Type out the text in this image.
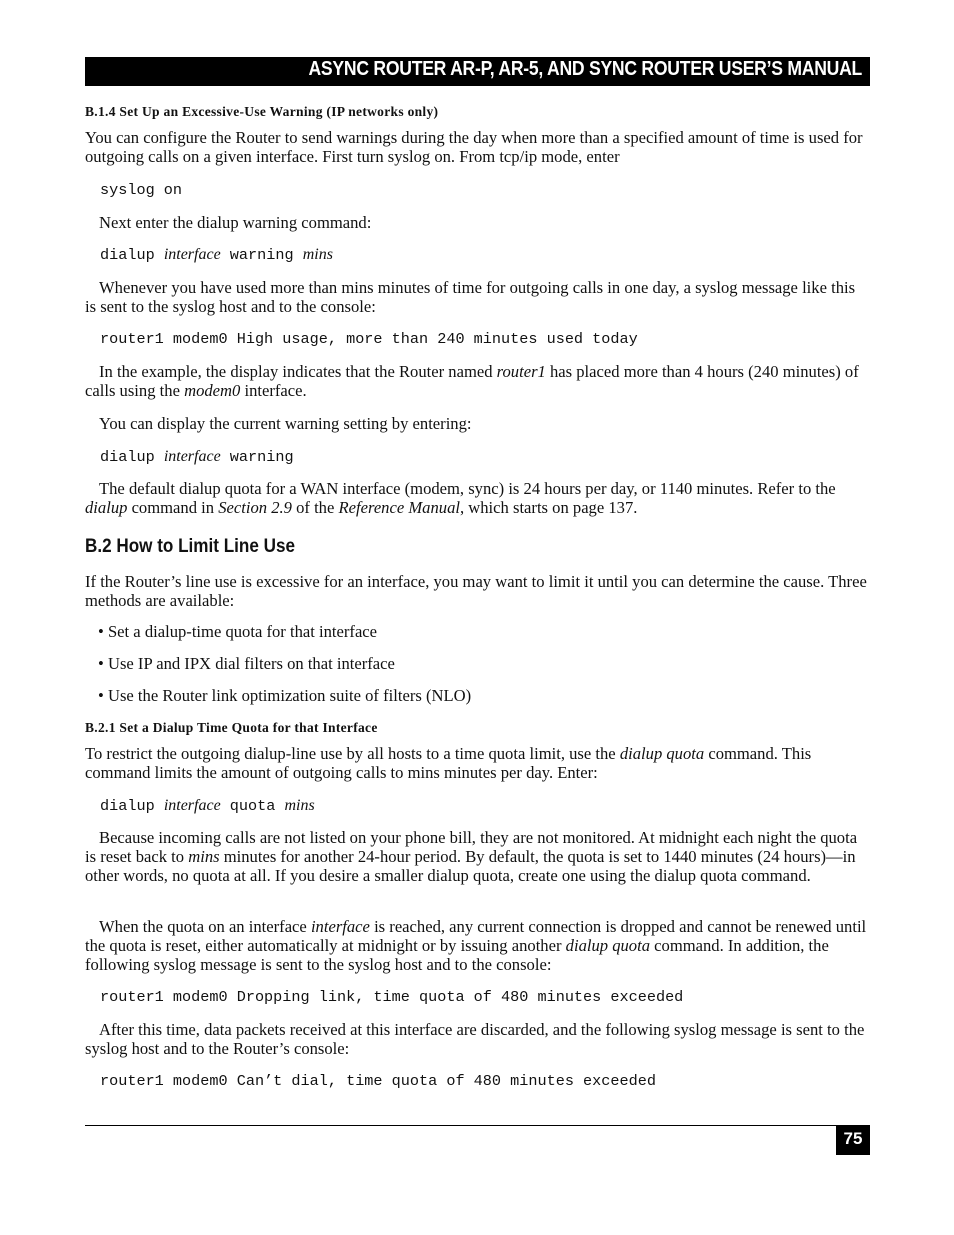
ASYNC ROUTER AR-P, AR-5, AND SYNC ROUTER USER’S MANUAL
B.1.4 Set Up an Excessive-Use Warning (IP networks only)

You can configure the Router to send warnings during the day when more than a specified amount of time is used for outgoing calls on a given interface. First turn syslog on. From tcp/ip mode, enter

syslog on

Next enter the dialup warning command:

dialup interface warning mins

Whenever you have used more than mins minutes of time for outgoing calls in one day, a syslog message like this is sent to the syslog host and to the console:

router1 modem0 High usage, more than 240 minutes used today

In the example, the display indicates that the Router named router1 has placed more than 4 hours (240 minutes) of calls using the modem0 interface.

You can display the current warning setting by entering:

dialup interface warning

The default dialup quota for a WAN interface (modem, sync) is 24 hours per day, or 1140 minutes. Refer to the dialup command in Section 2.9 of the Reference Manual, which starts on page 137.

B.2 How to Limit Line Use

If the Router’s line use is excessive for an interface, you may want to limit it until you can determine the cause. Three methods are available:

• Set a dialup-time quota for that interface
• Use IP and IPX dial filters on that interface
• Use the Router link optimization suite of filters (NLO)
B.2.1 Set a Dialup Time Quota for that Interface

To restrict the outgoing dialup-line use by all hosts to a time quota limit, use the dialup quota command. This command limits the amount of outgoing calls to mins minutes per day. Enter:

dialup interface quota mins

Because incoming calls are not listed on your phone bill, they are not monitored. At midnight each night the quota is reset back to mins minutes for another 24-hour period. By default, the quota is set to 1440 minutes (24 hours)—in other words, no quota at all. If you desire a smaller dialup quota, create one using the dialup quota command.

When the quota on an interface interface is reached, any current connection is dropped and cannot be renewed until the quota is reset, either automatically at midnight or by issuing another dialup quota command. In addition, the following syslog message is sent to the syslog host and to the console:

router1 modem0 Dropping link, time quota of 480 minutes exceeded

After this time, data packets received at this interface are discarded, and the following syslog message is sent to the syslog host and to the Router’s console:

router1 modem0 Can’t dial, time quota of 480 minutes exceeded
75
